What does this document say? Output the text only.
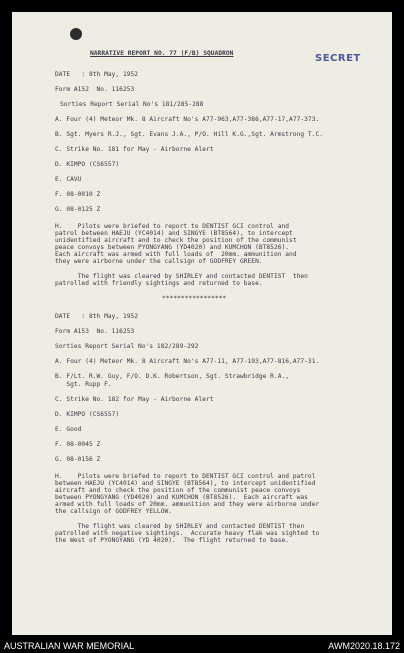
SECRET
NARRATIVE REPORT NO. 77 (F/B) SQUADRON
DATE   : 8th May, 1952
Form A152  No. 116253
Sorties Report Serial No's 181/285-288
A. Four (4) Meteor Mk. 8 Aircraft No's A77-963,A77-386,A77-17,A77-373.
B. Sgt. Myers R.J., Sgt. Evans J.A., P/O. Hill K.G.,Sgt. Armstrong T.C.
C. Strike No. 181 for May - Airborne Alert
D. KIMPO (CS6557)
E. CAVU
F. 08-0010 Z
G. 08-0125 Z
H.    Pilots were briefed to report to DENTIST GCI control and
patrol between HAEJU (YC4014) and SINGYE (BT8564), to intercept
unidentified aircraft and to check the position of the communist
peace convoys between PYONGYANG (YD4020) and KUMCHON (BT8526).
Each aircraft was armed with full loads of  20mm. ammunition and
they were airborne under the callsign of GODFREY GREEN.
The flight was cleared by SHIRLEY and contacted DENTIST  then
patrolled with friendly sightings and returned to base.
*****************
DATE   : 8th May, 1952
Form A153  No. 116253
Sorties Report Serial No's 182/289-292
A. Four (4) Meteor Mk. 8 Aircraft No's A77-11, A77-193,A77-816,A77-31.
B. F/Lt. R.W. Guy, F/O. D.K. Robertson, Sgt. Strawbridge R.A.,
Sgt. Rupp F.
C. Strike No. 182 for May - Airborne Alert
D. KIMPO (CS6557)
E. Good
F. 08-0045 Z
G. 08-0156 Z
H.    Pilots were briefed to report to DENTIST GCI control and patrol
between HAEJU (YC4014) and SINGYE (BT8564), to intercept unidentified
aircraft and to check the position of the communist peace convoys
between PYONGYANG (YD4020) and KUMCHON (BT8526).  Each aircraft was
armed with full loads of 20mm. ammunition and they were airborne under
the callsign of GODFREY YELLOW.
The flight was cleared by SHIRLEY and contacted DENTIST then
patrolled with negative sightings.  Accurate heavy flak was sighted to
the West of PYONGYANG (YD 4020).  The flight returned to base.
AUSTRALIAN WAR MEMORIAL	AWM2020.18.172
